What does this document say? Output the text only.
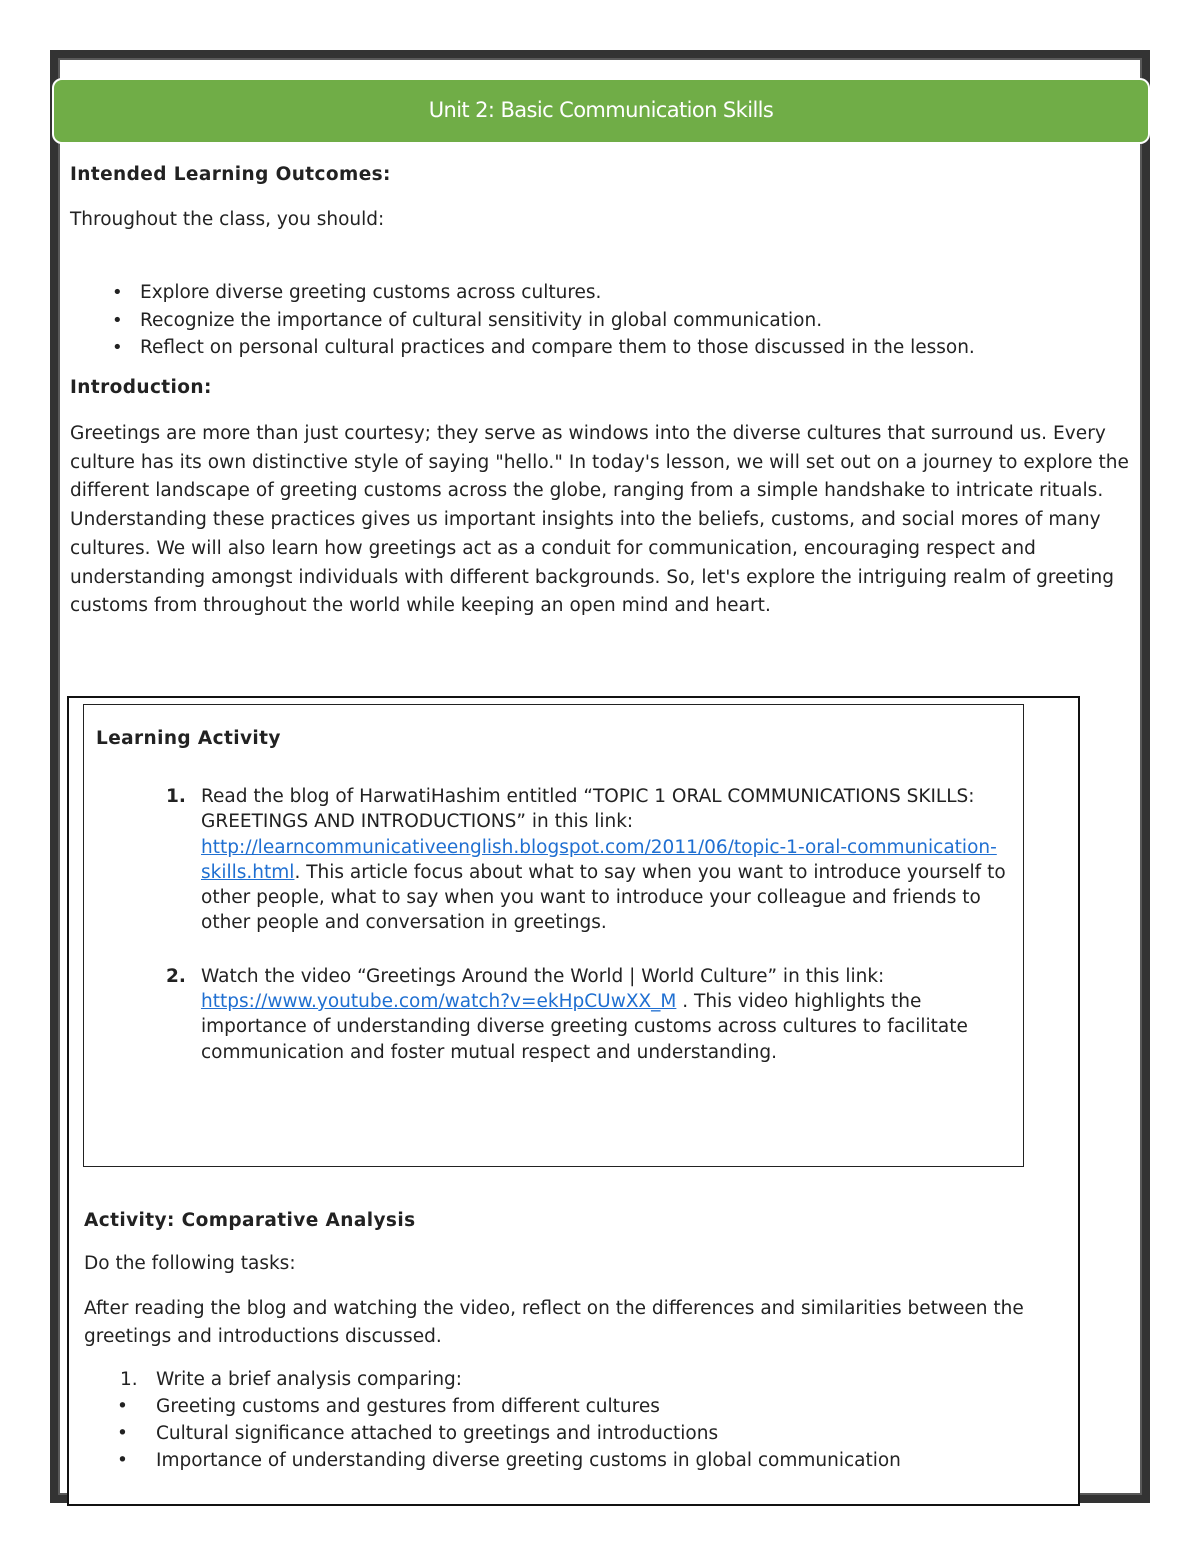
Unit 2: Basic Communication Skills
Intended Learning Outcomes:

Throughout the class, you should:

• Explore diverse greeting customs across cultures.
• Recognize the importance of cultural sensitivity in global communication.
• Reflect on personal cultural practices and compare them to those discussed in the lesson.
Introduction:

Greetings are more than just courtesy; they serve as windows into the diverse cultures that surround us. Every culture has its own distinctive style of saying "hello." In today's lesson, we will set out on a journey to explore the different landscape of greeting customs across the globe, ranging from a simple handshake to intricate rituals. Understanding these practices gives us important insights into the beliefs, customs, and social mores of many cultures. We will also learn how greetings act as a conduit for communication, encouraging respect and understanding amongst individuals with different backgrounds. So, let's explore the intriguing realm of greeting customs from throughout the world while keeping an open mind and heart.

Learning Activity
1. Read the blog of HarwatiHashim entitled “TOPIC 1 ORAL COMMUNICATIONS SKILLS: GREETINGS AND INTRODUCTIONS” in this link: http://learncommunicativeenglish.blogspot.com/2011/06/topic-1-oral-communication-skills.html. This article focus about what to say when you want to introduce yourself to other people, what to say when you want to introduce your colleague and friends to other people and conversation in greetings.
2. Watch the video “Greetings Around the World | World Culture” in this link: https://www.youtube.com/watch?v=ekHpCUwXX_M . This video highlights the importance of understanding diverse greeting customs across cultures to facilitate communication and foster mutual respect and understanding.
Activity: Comparative Analysis

Do the following tasks:

After reading the blog and watching the video, reflect on the differences and similarities between the greetings and introductions discussed.

1. Write a brief analysis comparing:
• Greeting customs and gestures from different cultures
• Cultural significance attached to greetings and introductions
• Importance of understanding diverse greeting customs in global communication
